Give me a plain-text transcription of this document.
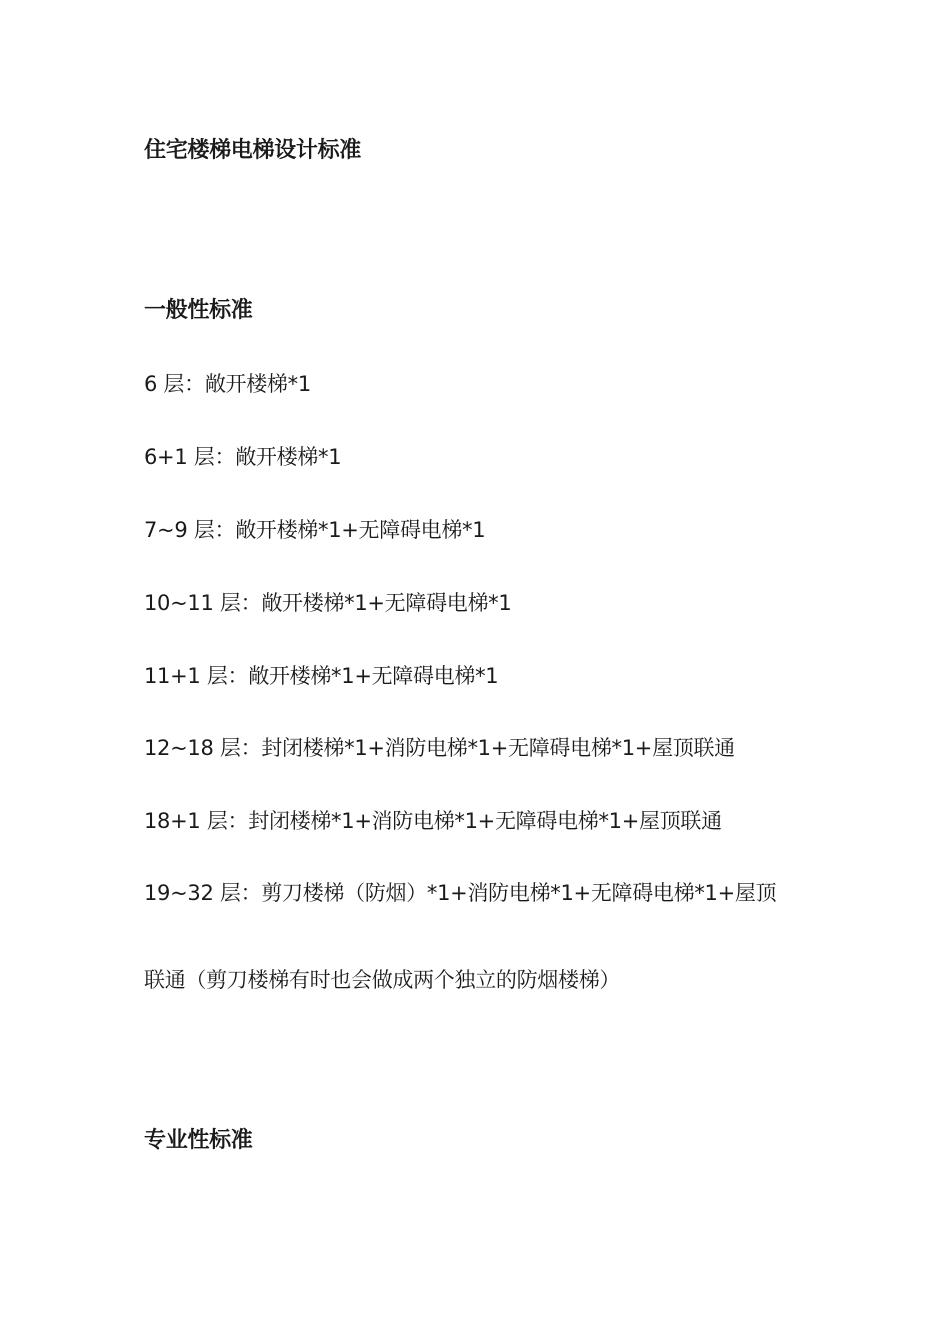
住宅楼梯电梯设计标准
一般性标准
6 层：敞开楼梯*1
6+1 层：敞开楼梯*1
7~9 层：敞开楼梯*1+无障碍电梯*1
10~11 层：敞开楼梯*1+无障碍电梯*1
11+1 层：敞开楼梯*1+无障碍电梯*1
12~18 层：封闭楼梯*1+消防电梯*1+无障碍电梯*1+屋顶联通
18+1 层：封闭楼梯*1+消防电梯*1+无障碍电梯*1+屋顶联通
19~32 层：剪刀楼梯（防烟）*1+消防电梯*1+无障碍电梯*1+屋顶
联通（剪刀楼梯有时也会做成两个独立的防烟楼梯）
专业性标准
